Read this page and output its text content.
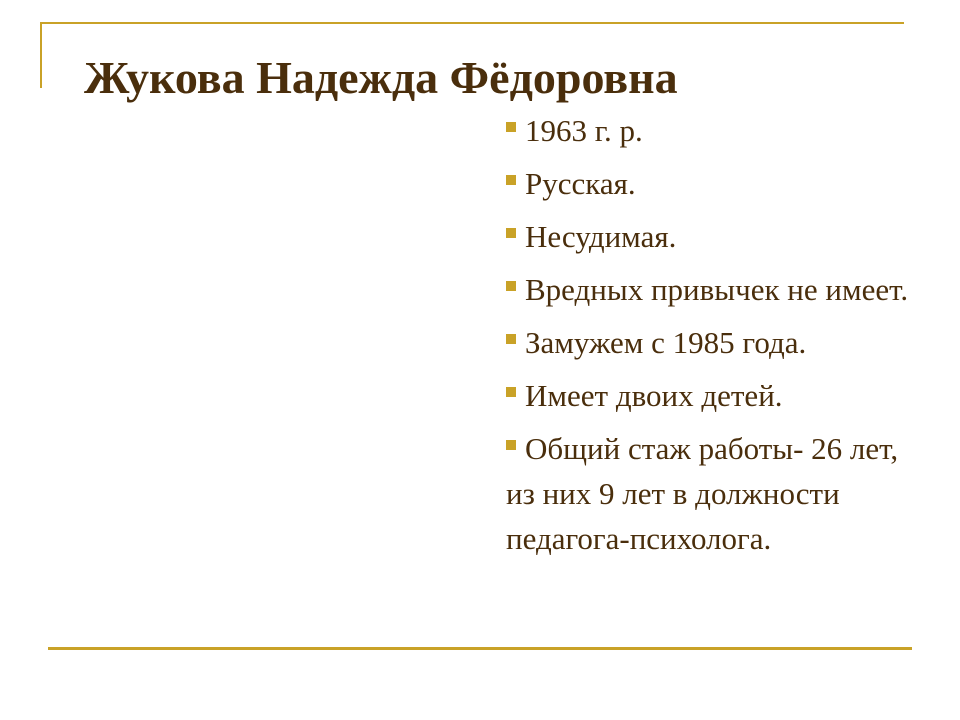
Жукова Надежда Фёдоровна
1963 г. р.
Русская.
Несудимая.
Вредных привычек не имеет.
Замужем с 1985 года.
Имеет двоих детей.
Общий стаж работы- 26 лет, из них 9 лет в должности педагога-психолога.
